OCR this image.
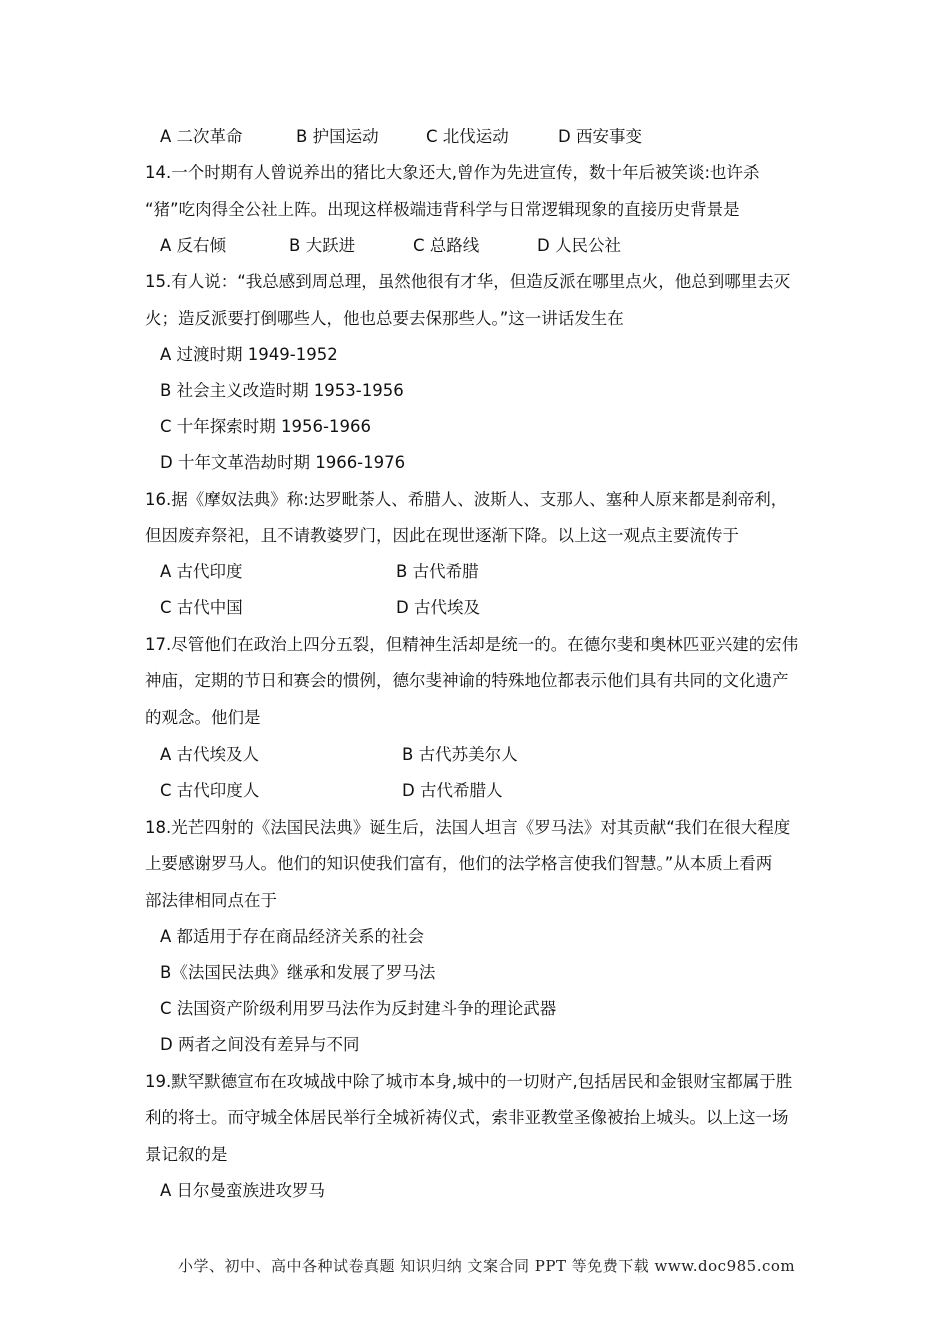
A 二次革命	B 护国运动	C 北伐运动	D 西安事变
14.一个时期有人曾说养出的猪比大象还大,曾作为先进宣传，数十年后被笑谈:也许杀
“猪”吃肉得全公社上阵。出现这样极端违背科学与日常逻辑现象的直接历史背景是
A 反右倾	B 大跃进	C 总路线	D 人民公社
15.有人说：“我总感到周总理，虽然他很有才华，但造反派在哪里点火，他总到哪里去灭
火；造反派要打倒哪些人，他也总要去保那些人。”这一讲话发生在
A 过渡时期 1949-1952
B 社会主义改造时期 1953-1956
C 十年探索时期 1956-1966
D 十年文革浩劫时期 1966-1976
16.据《摩奴法典》称:达罗毗荼人、希腊人、波斯人、支那人、塞种人原来都是刹帝利，
但因废弃祭祀，且不请教婆罗门，因此在现世逐渐下降。以上这一观点主要流传于
A 古代印度	B 古代希腊
C 古代中国	D 古代埃及
17.尽管他们在政治上四分五裂，但精神生活却是统一的。在德尔斐和奥林匹亚兴建的宏伟
神庙，定期的节日和赛会的惯例，德尔斐神谕的特殊地位都表示他们具有共同的文化遗产
的观念。他们是
A 古代埃及人	B 古代苏美尔人
C 古代印度人	D 古代希腊人
18.光芒四射的《法国民法典》诞生后，法国人坦言《罗马法》对其贡献“我们在很大程度
上要感谢罗马人。他们的知识使我们富有，他们的法学格言使我们智慧。”从本质上看两
部法律相同点在于
A 都适用于存在商品经济关系的社会
B《法国民法典》继承和发展了罗马法
C 法国资产阶级利用罗马法作为反封建斗争的理论武器
D 两者之间没有差异与不同
19.默罕默德宣布在攻城战中除了城市本身,城中的一切财产,包括居民和金银财宝都属于胜
利的将士。而守城全体居民举行全城祈祷仪式，索非亚教堂圣像被抬上城头。以上这一场
景记叙的是
A 日尔曼蛮族进攻罗马
小学、初中、高中各种试卷真题 知识归纳 文案合同 PPT 等免费下载 www.doc985.com
